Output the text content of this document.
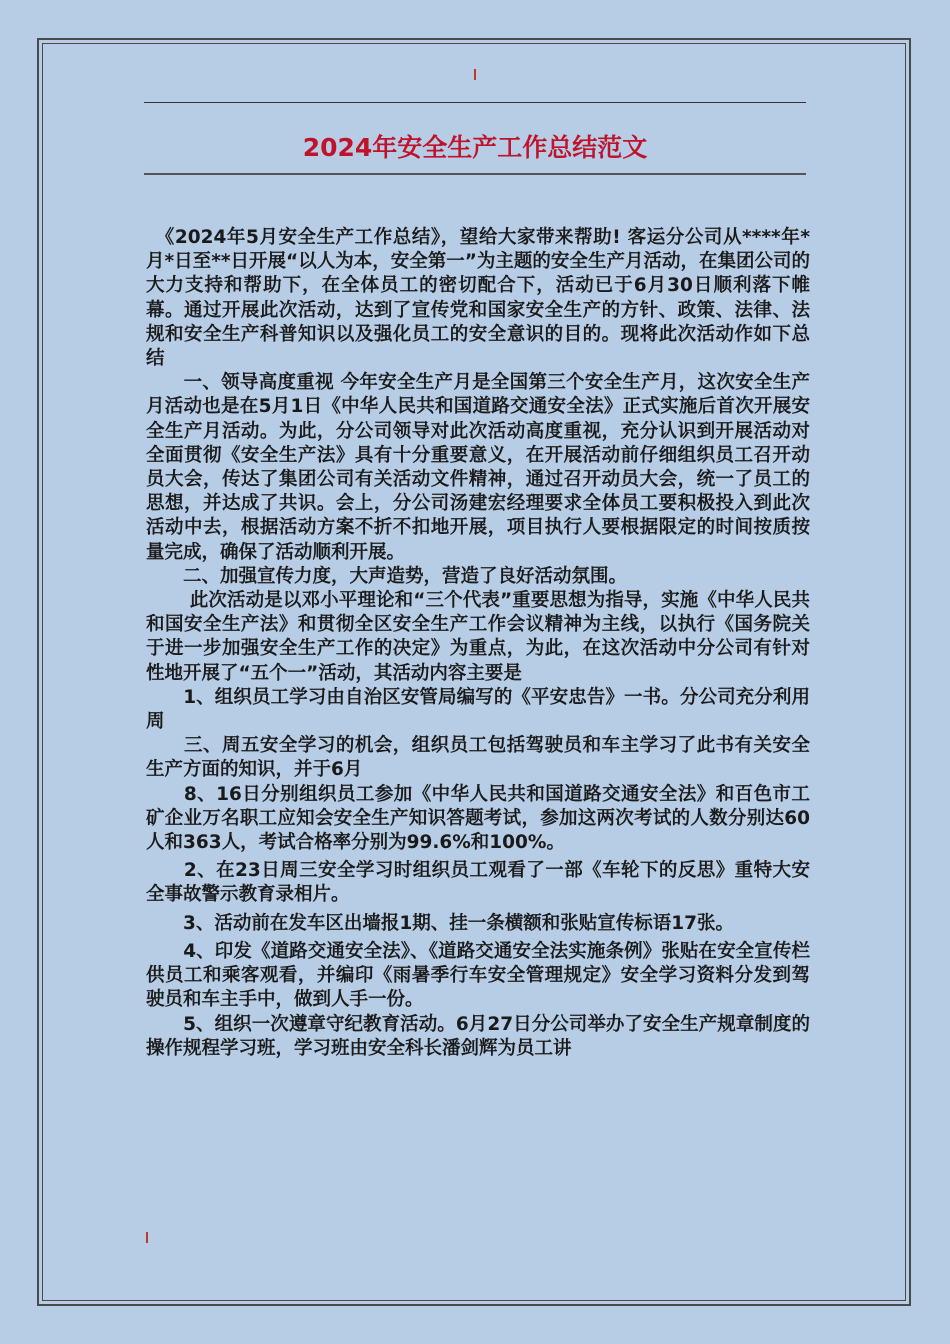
2024年安全生产工作总结范文

　《2024年5月安全生产工作总结》，望给大家带来帮助! 客运分公司从****年*月*日至**日开展“以人为本，安全第一”为主题的安全生产月活动，在集团公司的大力支持和帮助下，在全体员工的密切配合下，活动已于6月30日顺利落下帷幕。通过开展此次活动，达到了宣传党和国家安全生产的方针、政策、法律、法规和安全生产科普知识以及强化员工的安全意识的目的。现将此次活动作如下总结

　　一、领导高度重视 今年安全生产月是全国第三个安全生产月，这次安全生产月活动也是在5月1日《中华人民共和国道路交通安全法》正式实施后首次开展安全生产月活动。为此，分公司领导对此次活动高度重视，充分认识到开展活动对全面贯彻《安全生产法》具有十分重要意义，在开展活动前仔细组织员工召开动员大会，传达了集团公司有关活动文件精神，通过召开动员大会，统一了员工的思想，并达成了共识。会上，分公司汤建宏经理要求全体员工要积极投入到此次活动中去，根据活动方案不折不扣地开展，项目执行人要根据限定的时间按质按量完成，确保了活动顺利开展。

　　二、加强宣传力度，大声造势，营造了良好活动氛围。

　　 此次活动是以邓小平理论和“三个代表”重要思想为指导，实施《中华人民共和国安全生产法》和贯彻全区安全生产工作会议精神为主线，以执行《国务院关于进一步加强安全生产工作的决定》为重点，为此，在这次活动中分公司有针对性地开展了“五个一”活动，其活动内容主要是

　　1、组织员工学习由自治区安管局编写的《平安忠告》一书。分公司充分利用周

　　三、周五安全学习的机会，组织员工包括驾驶员和车主学习了此书有关安全生产方面的知识，并于6月

　　8、16日分别组织员工参加《中华人民共和国道路交通安全法》和百色市工矿企业万名职工应知会安全生产知识答题考试，参加这两次考试的人数分别达60人和363人，考试合格率分别为99.6%和100%。

　　2、在23日周三安全学习时组织员工观看了一部《车轮下的反思》重特大安全事故警示教育录相片。

　　3、活动前在发车区出墙报1期、挂一条横额和张贴宣传标语17张。

　　4、印发《道路交通安全法》、《道路交通安全法实施条例》张贴在安全宣传栏供员工和乘客观看，并编印《雨暑季行车安全管理规定》安全学习资料分发到驾驶员和车主手中，做到人手一份。

　　5、组织一次遵章守纪教育活动。6月27日分公司举办了安全生产规章制度的操作规程学习班，学习班由安全科长潘剑辉为员工讲
